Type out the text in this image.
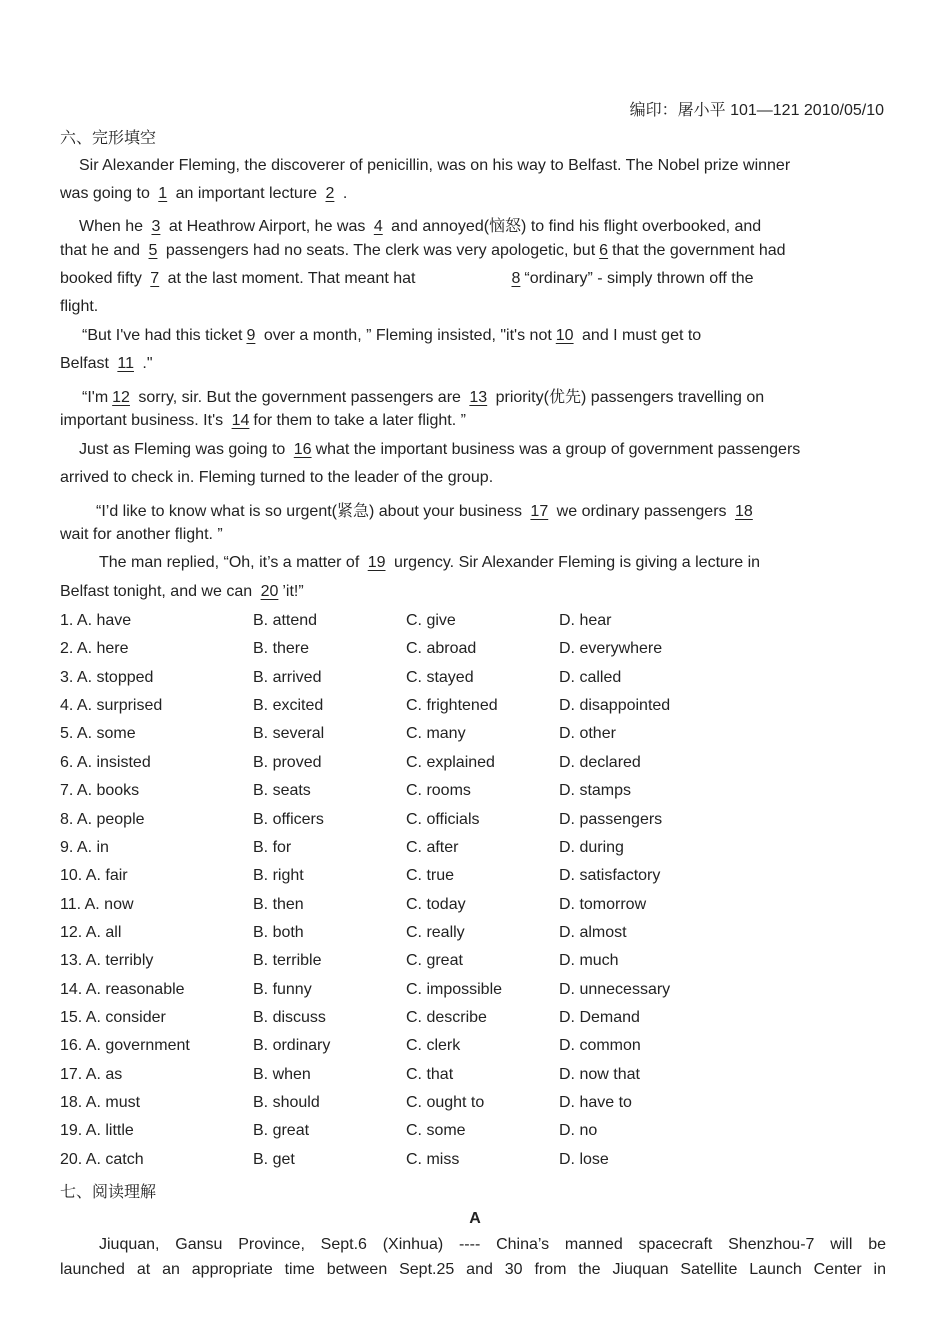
编印：屠小平 101—121 2010/05/10
六、完形填空
Sir Alexander Fleming, the discoverer of penicillin, was on his way to Belfast. The Nobel prize winner
was going to 1 an important lecture 2 .
When he 3 at Heathrow Airport, he was 4 and annoyed(恼怒) to find his flight overbooked, and
that he and 5 passengers had no seats. The clerk was very apologetic, but 6 that the government had
booked fifty 7 at the last moment. That meant hat	8 “ordinary” - simply thrown off the
flight.
“But I've had this ticket 9 over a month, ” Fleming insisted, "it's not 10 and I must get to
Belfast 11 ."
“I'm 12 sorry, sir. But the government passengers are 13 priority(优先) passengers travelling on
important business. It's 14 for them to take a later flight. ”
Just as Fleming was going to 16 what the important business was a group of government passengers
arrived to check in. Fleming turned to the leader of the group.
“I’d like to know what is so urgent(紧急) about your business 17 we ordinary passengers 18
wait for another flight. ”
The man replied, “Oh, it’s a matter of 19 urgency. Sir Alexander Fleming is giving a lecture in
Belfast tonight, and we can 20 ’it!”
1. A. have	B. attend	C. give	D. hear
2. A. here	B. there	C. abroad	D. everywhere
3. A. stopped	B. arrived	C. stayed	D. called
4. A. surprised	B. excited	C. frightened	D. disappointed
5. A. some	B. several	C. many	D. other
6. A. insisted	B. proved	C. explained	D. declared
7. A. books	B. seats	C. rooms	D. stamps
8. A. people	B. officers	C. officials	D. passengers
9. A. in	B. for	C. after	D. during
10. A. fair	B. right	C. true	D. satisfactory
11. A. now	B. then	C. today	D. tomorrow
12. A. all	B. both	C. really	D. almost
13. A. terribly	B. terrible	C. great	D. much
14. A. reasonable	B. funny	C. impossible	D. unnecessary
15. A. consider	B. discuss	C. describe	D. Demand
16. A. government	B. ordinary	C. clerk	D. common
17. A. as	B. when	C. that	D. now that
18. A. must	B. should	C. ought to	D. have to
19. A. little	B. great	C. some	D. no
20. A. catch	B. get	C. miss	D. lose
七、阅读理解
A
Jiuquan, Gansu Province, Sept.6 (Xinhua) ---- China’s manned spacecraft Shenzhou-7 will be
launched at an appropriate time between Sept.25 and 30 from the Jiuquan Satellite Launch Center in
